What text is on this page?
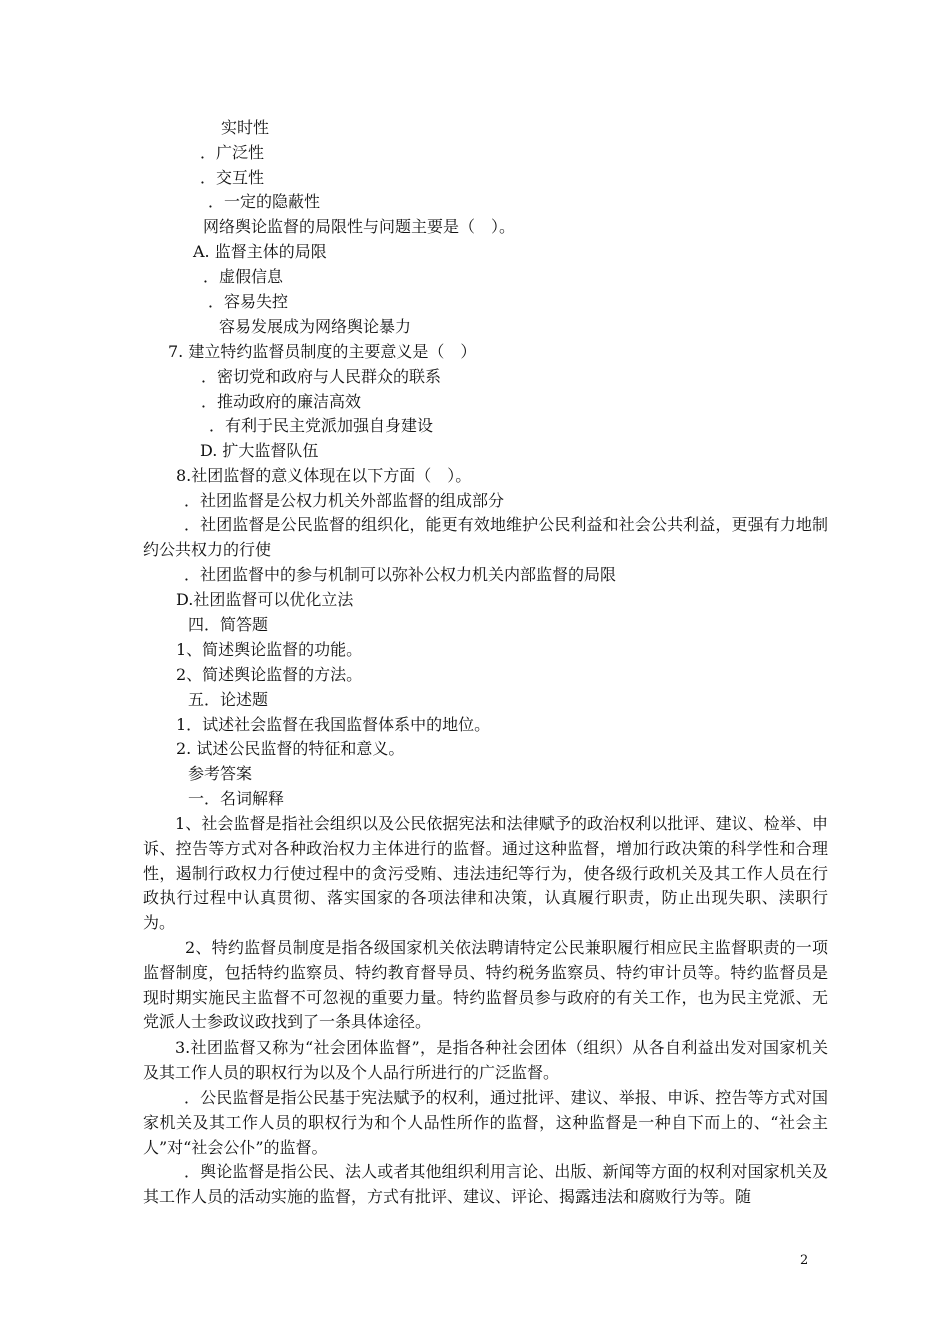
实时性
．广泛性
．交互性
．一定的隐蔽性
网络舆论监督的局限性与问题主要是（　）。
A. 监督主体的局限
．虚假信息
．容易失控
容易发展成为网络舆论暴力
7. 建立特约监督员制度的主要意义是（　）
．密切党和政府与人民群众的联系
．推动政府的廉洁高效
．有利于民主党派加强自身建设
D. 扩大监督队伍
8.社团监督的意义体现在以下方面（　）。
．社团监督是公权力机关外部监督的组成部分
．社团监督是公民监督的组织化，能更有效地维护公民利益和社会公共利益，更强有力地制约公共权力的行使
．社团监督中的参与机制可以弥补公权力机关内部监督的局限
D.社团监督可以优化立法
四．简答题
1、简述舆论监督的功能。
2、简述舆论监督的方法。
五．论述题
1．试述社会监督在我国监督体系中的地位。
2. 试述公民监督的特征和意义。
参考答案
一．名词解释
1、社会监督是指社会组织以及公民依据宪法和法律赋予的政治权利以批评、建议、检举、申诉、控告等方式对各种政治权力主体进行的监督。通过这种监督，增加行政决策的科学性和合理性，遏制行政权力行使过程中的贪污受贿、违法违纪等行为，使各级行政机关及其工作人员在行政执行过程中认真贯彻、落实国家的各项法律和决策，认真履行职责，防止出现失职、渎职行为。
2、特约监督员制度是指各级国家机关依法聘请特定公民兼职履行相应民主监督职责的一项监督制度，包括特约监察员、特约教育督导员、特约税务监察员、特约审计员等。特约监督员是现时期实施民主监督不可忽视的重要力量。特约监督员参与政府的有关工作，也为民主党派、无党派人士参政议政找到了一条具体途径。
3.社团监督又称为“社会团体监督”，是指各种社会团体（组织）从各自利益出发对国家机关及其工作人员的职权行为以及个人品行所进行的广泛监督。
．公民监督是指公民基于宪法赋予的权利，通过批评、建议、举报、申诉、控告等方式对国家机关及其工作人员的职权行为和个人品性所作的监督，这种监督是一种自下而上的、“社会主人”对“社会公仆”的监督。
．舆论监督是指公民、法人或者其他组织利用言论、出版、新闻等方面的权利对国家机关及其工作人员的活动实施的监督，方式有批评、建议、评论、揭露违法和腐败行为等。随
2
